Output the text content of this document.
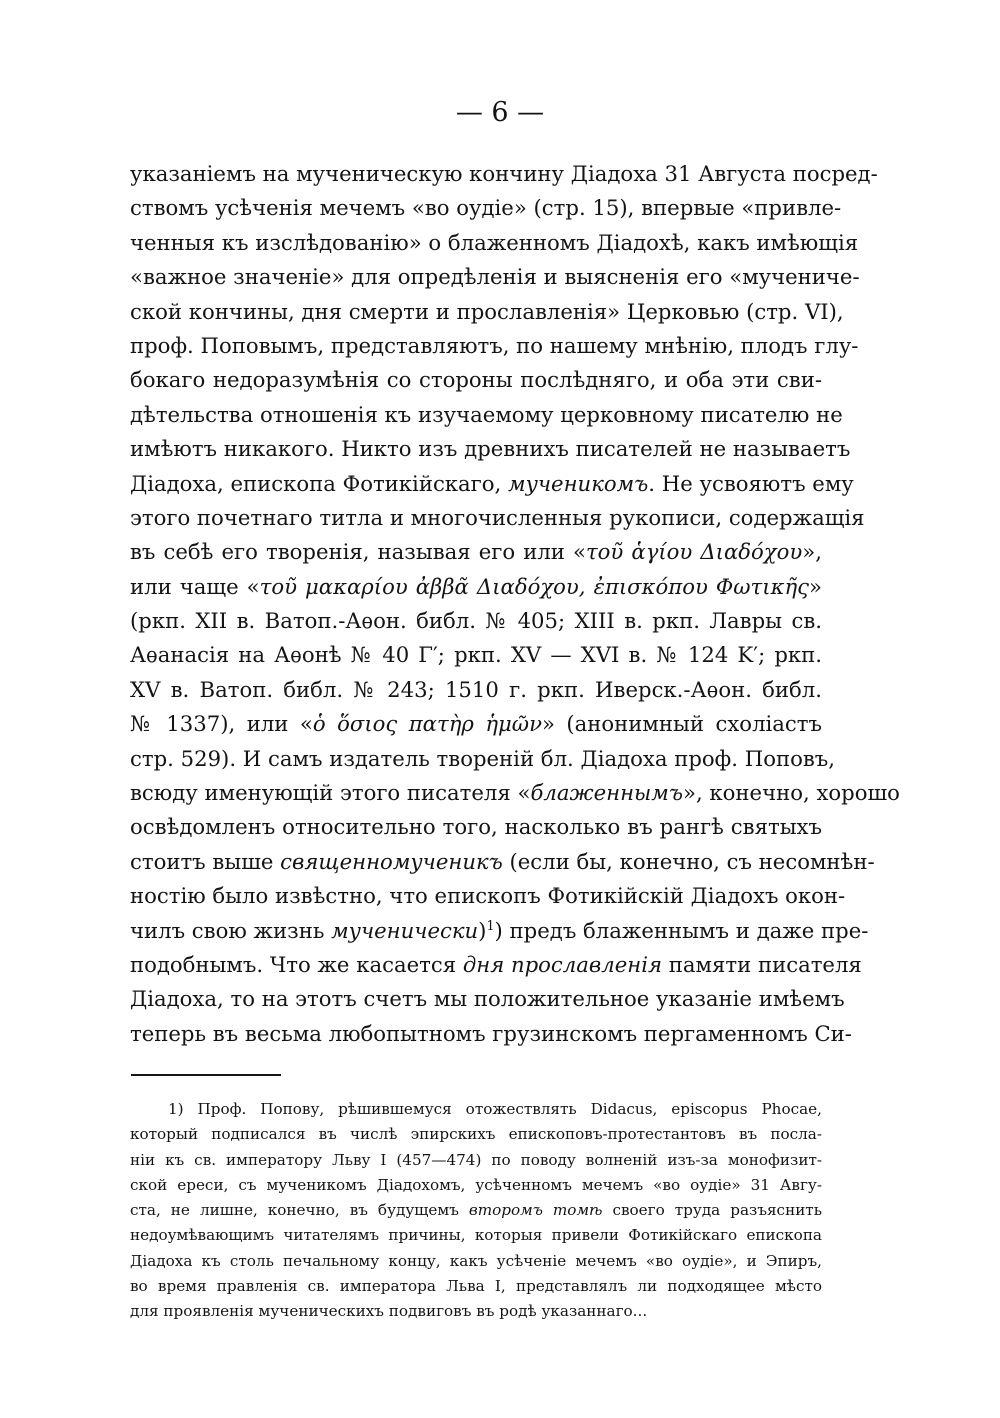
— 6 —
указаніемъ на мученическую кончину Діадоха 31 Августа посред-
ствомъ усѣченія мечемъ «во оудіе» (стр. 15), впервые «привле-
ченныя къ изслѣдованію» о блаженномъ Діадохѣ, какъ имѣющія
«важное значеніе» для опредѣленія и выясненія его «мучениче-
ской кончины, дня смерти и прославленія» Церковью (стр. VI),
проф. Поповымъ, представляютъ, по нашему мнѣнію, плодъ глу-
бокаго недоразумѣнія со стороны послѣдняго, и оба эти сви-
дѣтельства отношенія къ изучаемому церковному писателю не
имѣютъ никакого. Никто изъ древнихъ писателей не называетъ
Діадоха, епископа Фотикійскаго, мученикомъ. Не усвояютъ ему
этого почетнаго титла и многочисленныя рукописи, содержащія
въ себѣ его творенія, называя его или «τοῦ ἁγίου Διαδόχου»,
или чаще «τοῦ μακαρίου ἀββᾶ Διαδόχου, ἐπισκόπου Φωτικῆς»
(ркп. XII в. Ватоп.-Аѳон. библ. № 405; XIII в. ркп. Лавры св.
Аѳанасія на Аѳонѣ № 40 Γ′; ркп. XV — XVI в. № 124 K′; ркп.
XV в. Ватоп. библ. № 243; 1510 г. ркп. Иверск.-Аѳон. библ.
№ 1337), или «ὁ ὅσιος πατὴρ ἡμῶν» (анонимный схоліастъ
стр. 529). И самъ издатель твореній бл. Діадоха проф. Поповъ,
всюду именующій этого писателя «блаженнымъ», конечно, хорошо
освѣдомленъ относительно того, насколько въ рангѣ святыхъ
стоитъ выше священномученикъ (если бы, конечно, съ несомнѣн-
ностію было извѣстно, что епископъ Фотикійскій Діадохъ окон-
чилъ свою жизнь мученически)$^1$) предъ блаженнымъ и даже пре-
подобнымъ. Что же касается дня прославленія памяти писателя
Діадоха, то на этотъ счетъ мы положительное указаніе имѣемъ
теперь въ весьма любопытномъ грузинскомъ пергаменномъ Си-
1) Проф. Попову, рѣшившемуся отожествлять Didacus, episcopus Phocae,
который подписался въ числѣ эпирскихъ епископовъ-протестантовъ въ посла-
ніи къ св. императору Льву I (457—474) по поводу волненій изъ-за монофизит-
ской ереси, съ мученикомъ Діадохомъ, усѣченномъ мечемъ «во оудіе» 31 Авгу-
ста, не лишне, конечно, въ будущемъ второмъ томѣ своего труда разъяснить
недоумѣвающимъ читателямъ причины, которыя привели Фотикійскаго епископа
Діадоха къ столь печальному концу, какъ усѣченіе мечемъ «во оудіе», и Эпиръ,
во время правленія св. императора Льва I, представлялъ ли подходящее мѣсто
для проявленія мученическихъ подвиговъ въ родѣ указаннаго...
